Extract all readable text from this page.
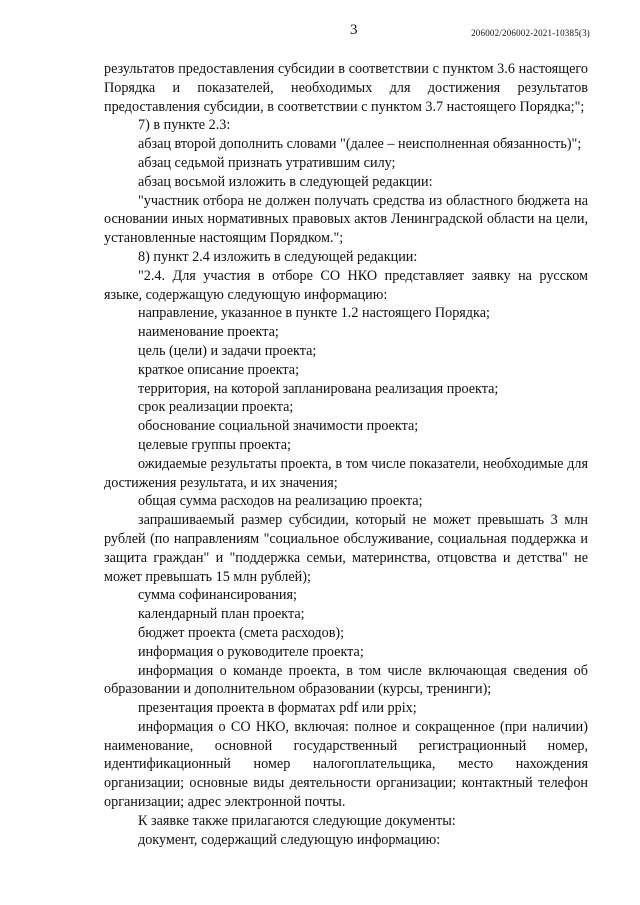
3	206002/206002-2021-10385(3)

результатов предоставления субсидии в соответствии с пунктом 3.6 настоящего Порядка и показателей, необходимых для достижения результатов предоставления субсидии, в соответствии с пунктом 3.7 настоящего Порядка;";

7) в пункте 2.3:

абзац второй дополнить словами "(далее – неисполненная обязанность)";

абзац седьмой признать утратившим силу;

абзац восьмой изложить в следующей редакции:

"участник отбора не должен получать средства из областного бюджета на основании иных нормативных правовых актов Ленинградской области на цели, установленные настоящим Порядком.";

8) пункт 2.4 изложить в следующей редакции:

"2.4. Для участия в отборе СО НКО представляет заявку на русском языке, содержащую следующую информацию:

направление, указанное в пункте 1.2 настоящего Порядка;

наименование проекта;

цель (цели) и задачи проекта;

краткое описание проекта;

территория, на которой запланирована реализация проекта;

срок реализации проекта;

обоснование социальной значимости проекта;

целевые группы проекта;

ожидаемые результаты проекта, в том числе показатели, необходимые для достижения результата, и их значения;

общая сумма расходов на реализацию проекта;

запрашиваемый размер субсидии, который не может превышать 3 млн рублей (по направлениям "социальное обслуживание, социальная поддержка и защита граждан" и "поддержка семьи, материнства, отцовства и детства" не может превышать 15 млн рублей);

сумма софинансирования;

календарный план проекта;

бюджет проекта (смета расходов);

информация о руководителе проекта;

информация о команде проекта, в том числе включающая сведения об образовании и дополнительном образовании (курсы, тренинги);

презентация проекта в форматах pdf или ppix;

информация о СО НКО, включая: полное и сокращенное (при наличии) наименование, основной государственный регистрационный номер, идентификационный номер налогоплательщика, место нахождения организации; основные виды деятельности организации; контактный телефон организации; адрес электронной почты.

К заявке также прилагаются следующие документы:

документ, содержащий следующую информацию:
